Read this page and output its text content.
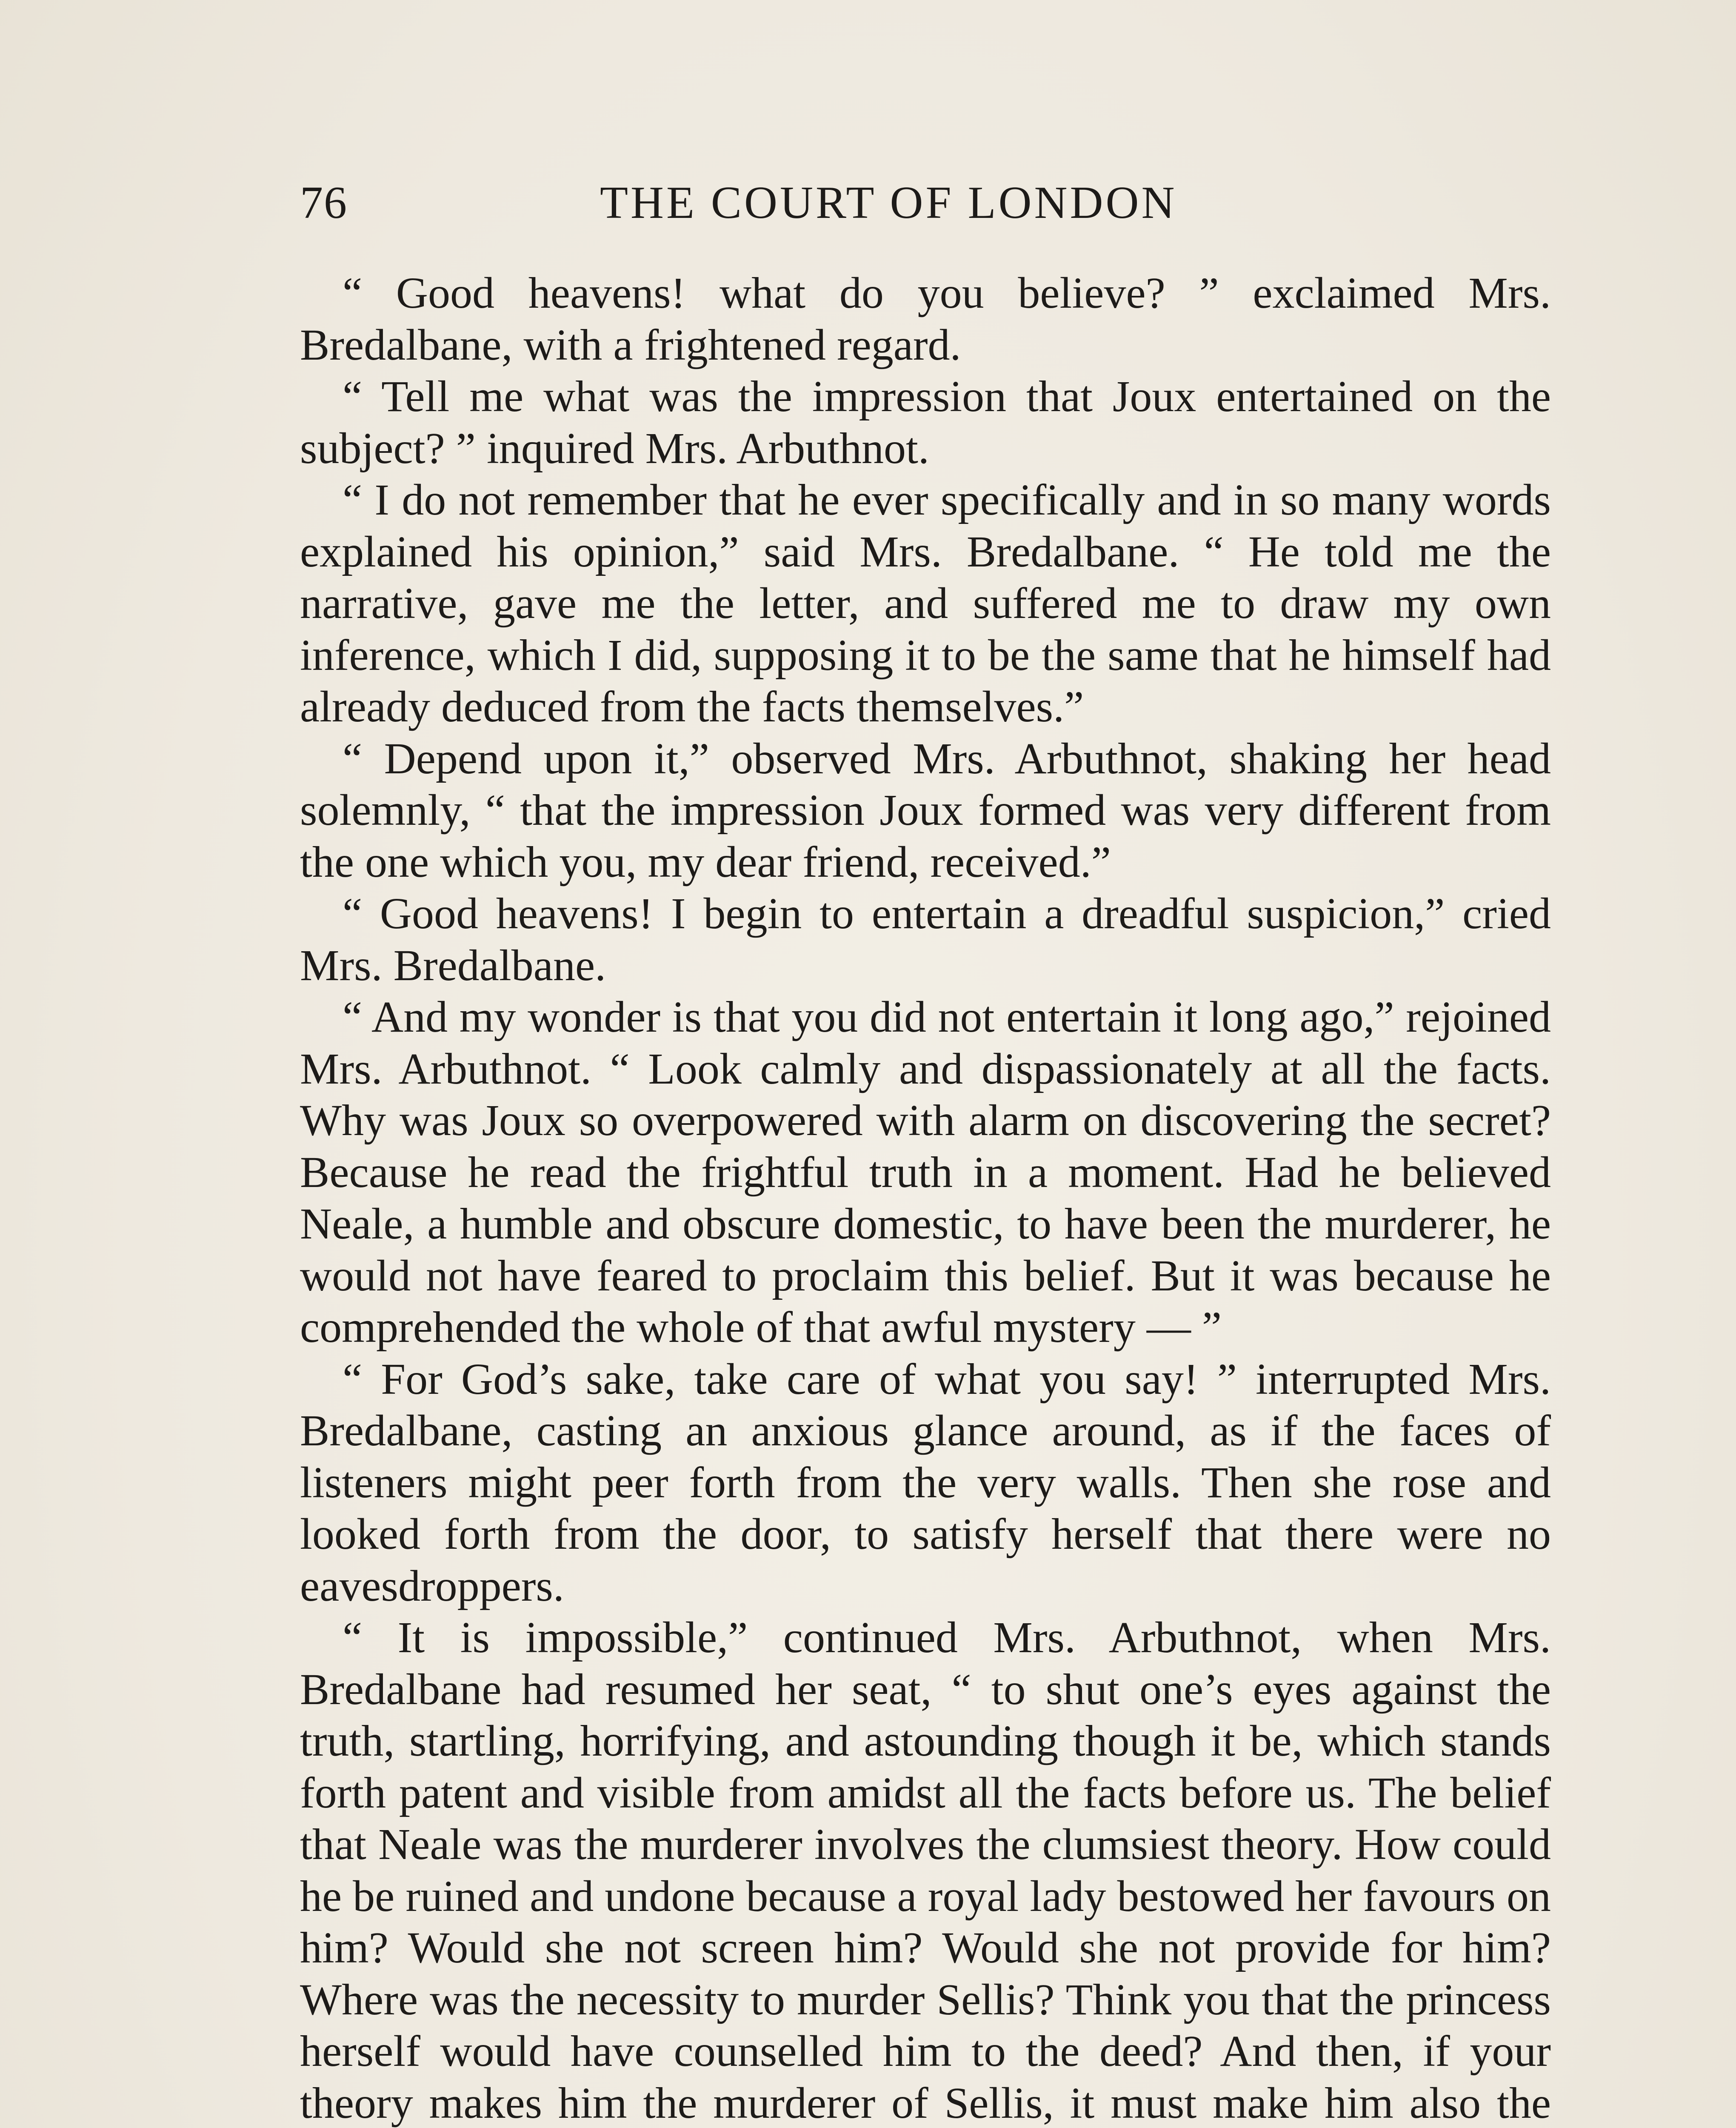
76	THE COURT OF LONDON

“ Good heavens! what do you believe? ” exclaimed Mrs. Bredalbane, with a frightened regard.

“ Tell me what was the impression that Joux entertained on the subject? ” inquired Mrs. Arbuthnot.

“ I do not remember that he ever specifically and in so many words explained his opinion,” said Mrs. Bredalbane. “ He told me the narrative, gave me the letter, and suffered me to draw my own inference, which I did, supposing it to be the same that he himself had already deduced from the facts themselves.”

“ Depend upon it,” observed Mrs. Arbuthnot, shaking her head solemnly, “ that the impression Joux formed was very different from the one which you, my dear friend, received.”

“ Good heavens! I begin to entertain a dreadful suspicion,” cried Mrs. Bredalbane.

“ And my wonder is that you did not entertain it long ago,” rejoined Mrs. Arbuthnot. “ Look calmly and dispassionately at all the facts. Why was Joux so overpowered with alarm on discovering the secret? Because he read the frightful truth in a moment. Had he believed Neale, a humble and obscure domestic, to have been the murderer, he would not have feared to proclaim this belief. But it was because he comprehended the whole of that awful mystery — ”

“ For God’s sake, take care of what you say! ” interrupted Mrs. Bredalbane, casting an anxious glance around, as if the faces of listeners might peer forth from the very walls. Then she rose and looked forth from the door, to satisfy herself that there were no eavesdroppers.

“ It is impossible,” continued Mrs. Arbuthnot, when Mrs. Bredalbane had resumed her seat, “ to shut one’s eyes against the truth, startling, horrifying, and astounding though it be, which stands forth patent and visible from amidst all the facts before us. The belief that Neale was the murderer involves the clumsiest theory. How could he be ruined and undone because a royal lady bestowed her favours on him? Would she not screen him? Would she not provide for him? Where was the necessity to murder Sellis? Think you that the princess herself would have counselled him to the deed? And then, if your theory makes him the murderer of Sellis, it must make him also the
